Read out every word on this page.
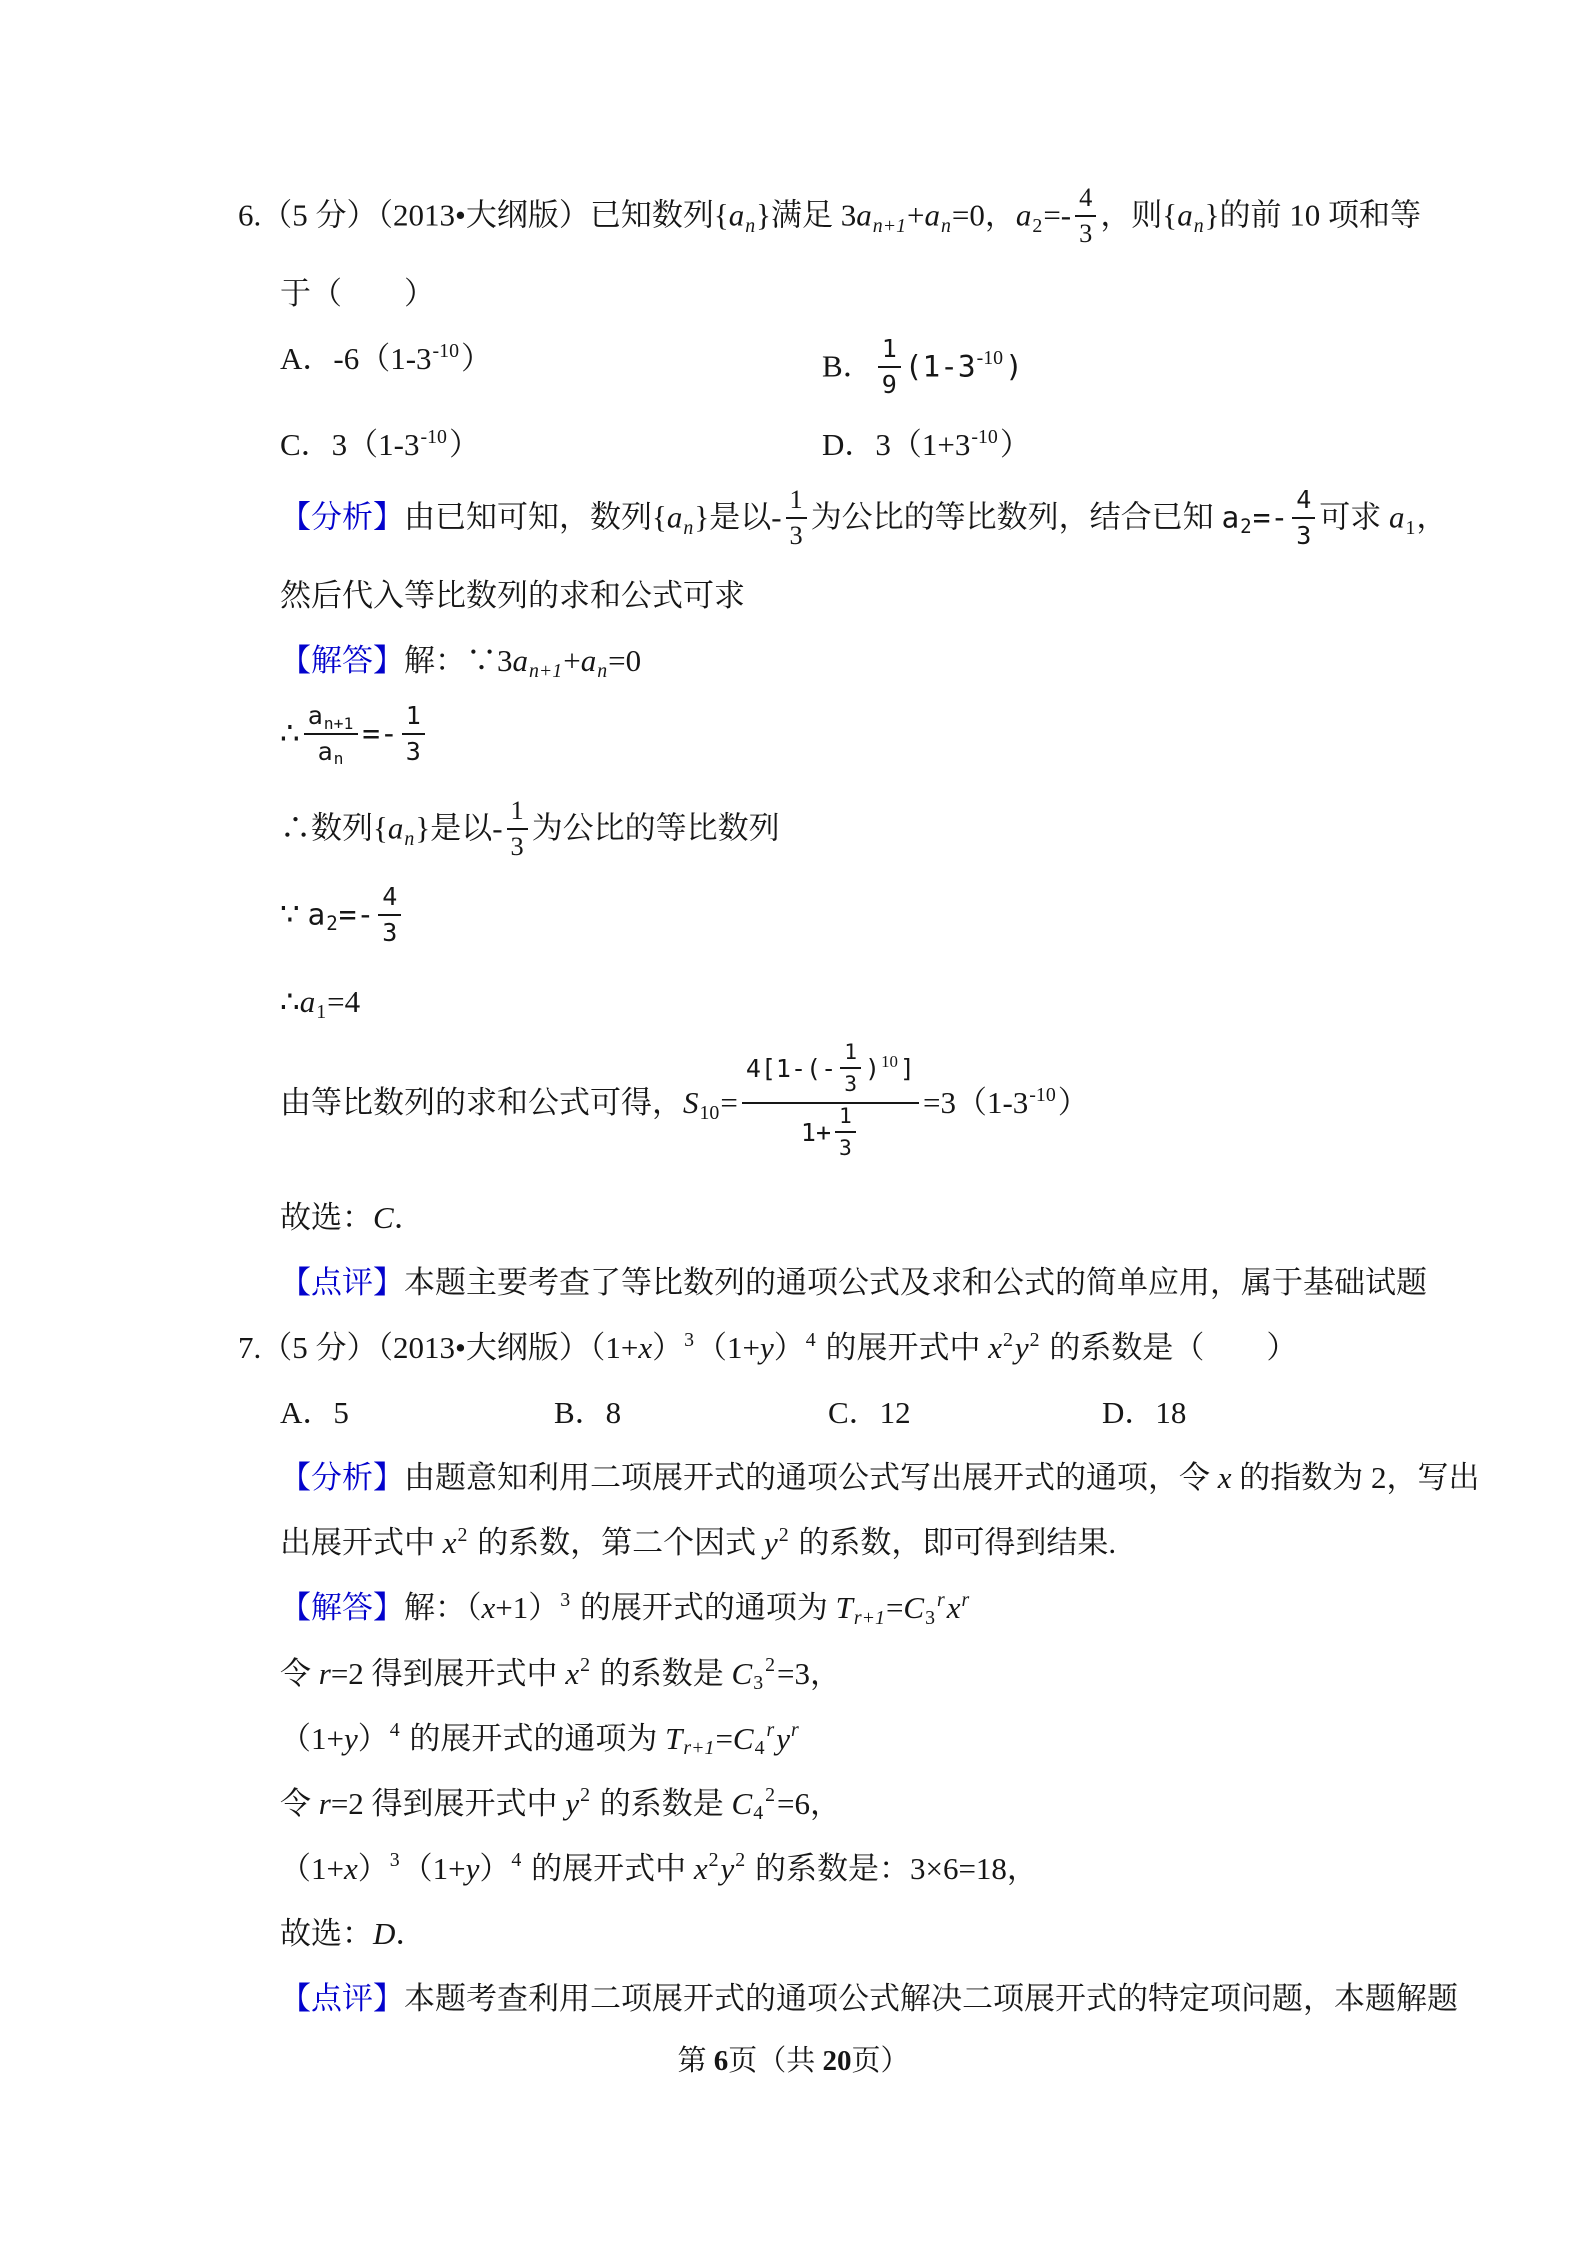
6.（5 分）（2013•大纲版）已知数列{an}满足 3an+1+an=0，$a2=- \frac{4}{3}$ ，则{an}的前 10 项和等
于（　　）
A．$-6(1-3^{-10})$	B． $\frac{1}{9} (1-3^{-10})$
C．$3(1-3^{-10})$	D．$3(1+3^{-10})$
【分析】由已知可知，数列{an}是以- $\frac{1}{3}$ 为公比的等比数列，结合已知 $a2=- \frac{4}{3}$ 可求 a1，
然后代入等比数列的求和公式可求
【解答】解：∵3an+1+an=0
∴ $\frac{an+1}{an} =- \frac{1}{3}$
∴数列{an}是以- $\frac{1}{3}$ 为公比的等比数列
∵ $a2=- \frac{4}{3}$
∴a1=4
由等比数列的求和公式可得，$S10= \frac{4[1-(- \frac{1}{3} )^{10}]}{1+ \frac{1}{3}} =3(1-3^{-10})$
故选：C．
【点评】本题主要考查了等比数列的通项公式及求和公式的简单应用，属于基础试题
7.（5 分）（2013•大纲版）$(1+x)^3(1+y)^4$ 的展开式中 $x^2y^2$ 的系数是（　　）
A．5	B．8	C．12	D．18
【分析】由题意知利用二项展开式的通项公式写出展开式的通项，令 x 的指数为 2，写出
出展开式中 $x^2$ 的系数，第二个因式 $y^2$ 的系数，即可得到结果.
【解答】解：$(x+1)^3$ 的展开式的通项为 $Tr+1=C3^rx^r$
令 r=2 得到展开式中 $x^2$ 的系数是 $C3^2=3$，
$(1+y)^4$ 的展开式的通项为 $Tr+1=C4^ry^r$
令 r=2 得到展开式中 $y^2$ 的系数是 $C4^2=6$，
$(1+x)^3(1+y)^4$ 的展开式中 $x^2y^2$ 的系数是：3×6=18，
故选：D．
【点评】本题考查利用二项展开式的通项公式解决二项展开式的特定项问题，本题解题
第 6页（共 20页）
